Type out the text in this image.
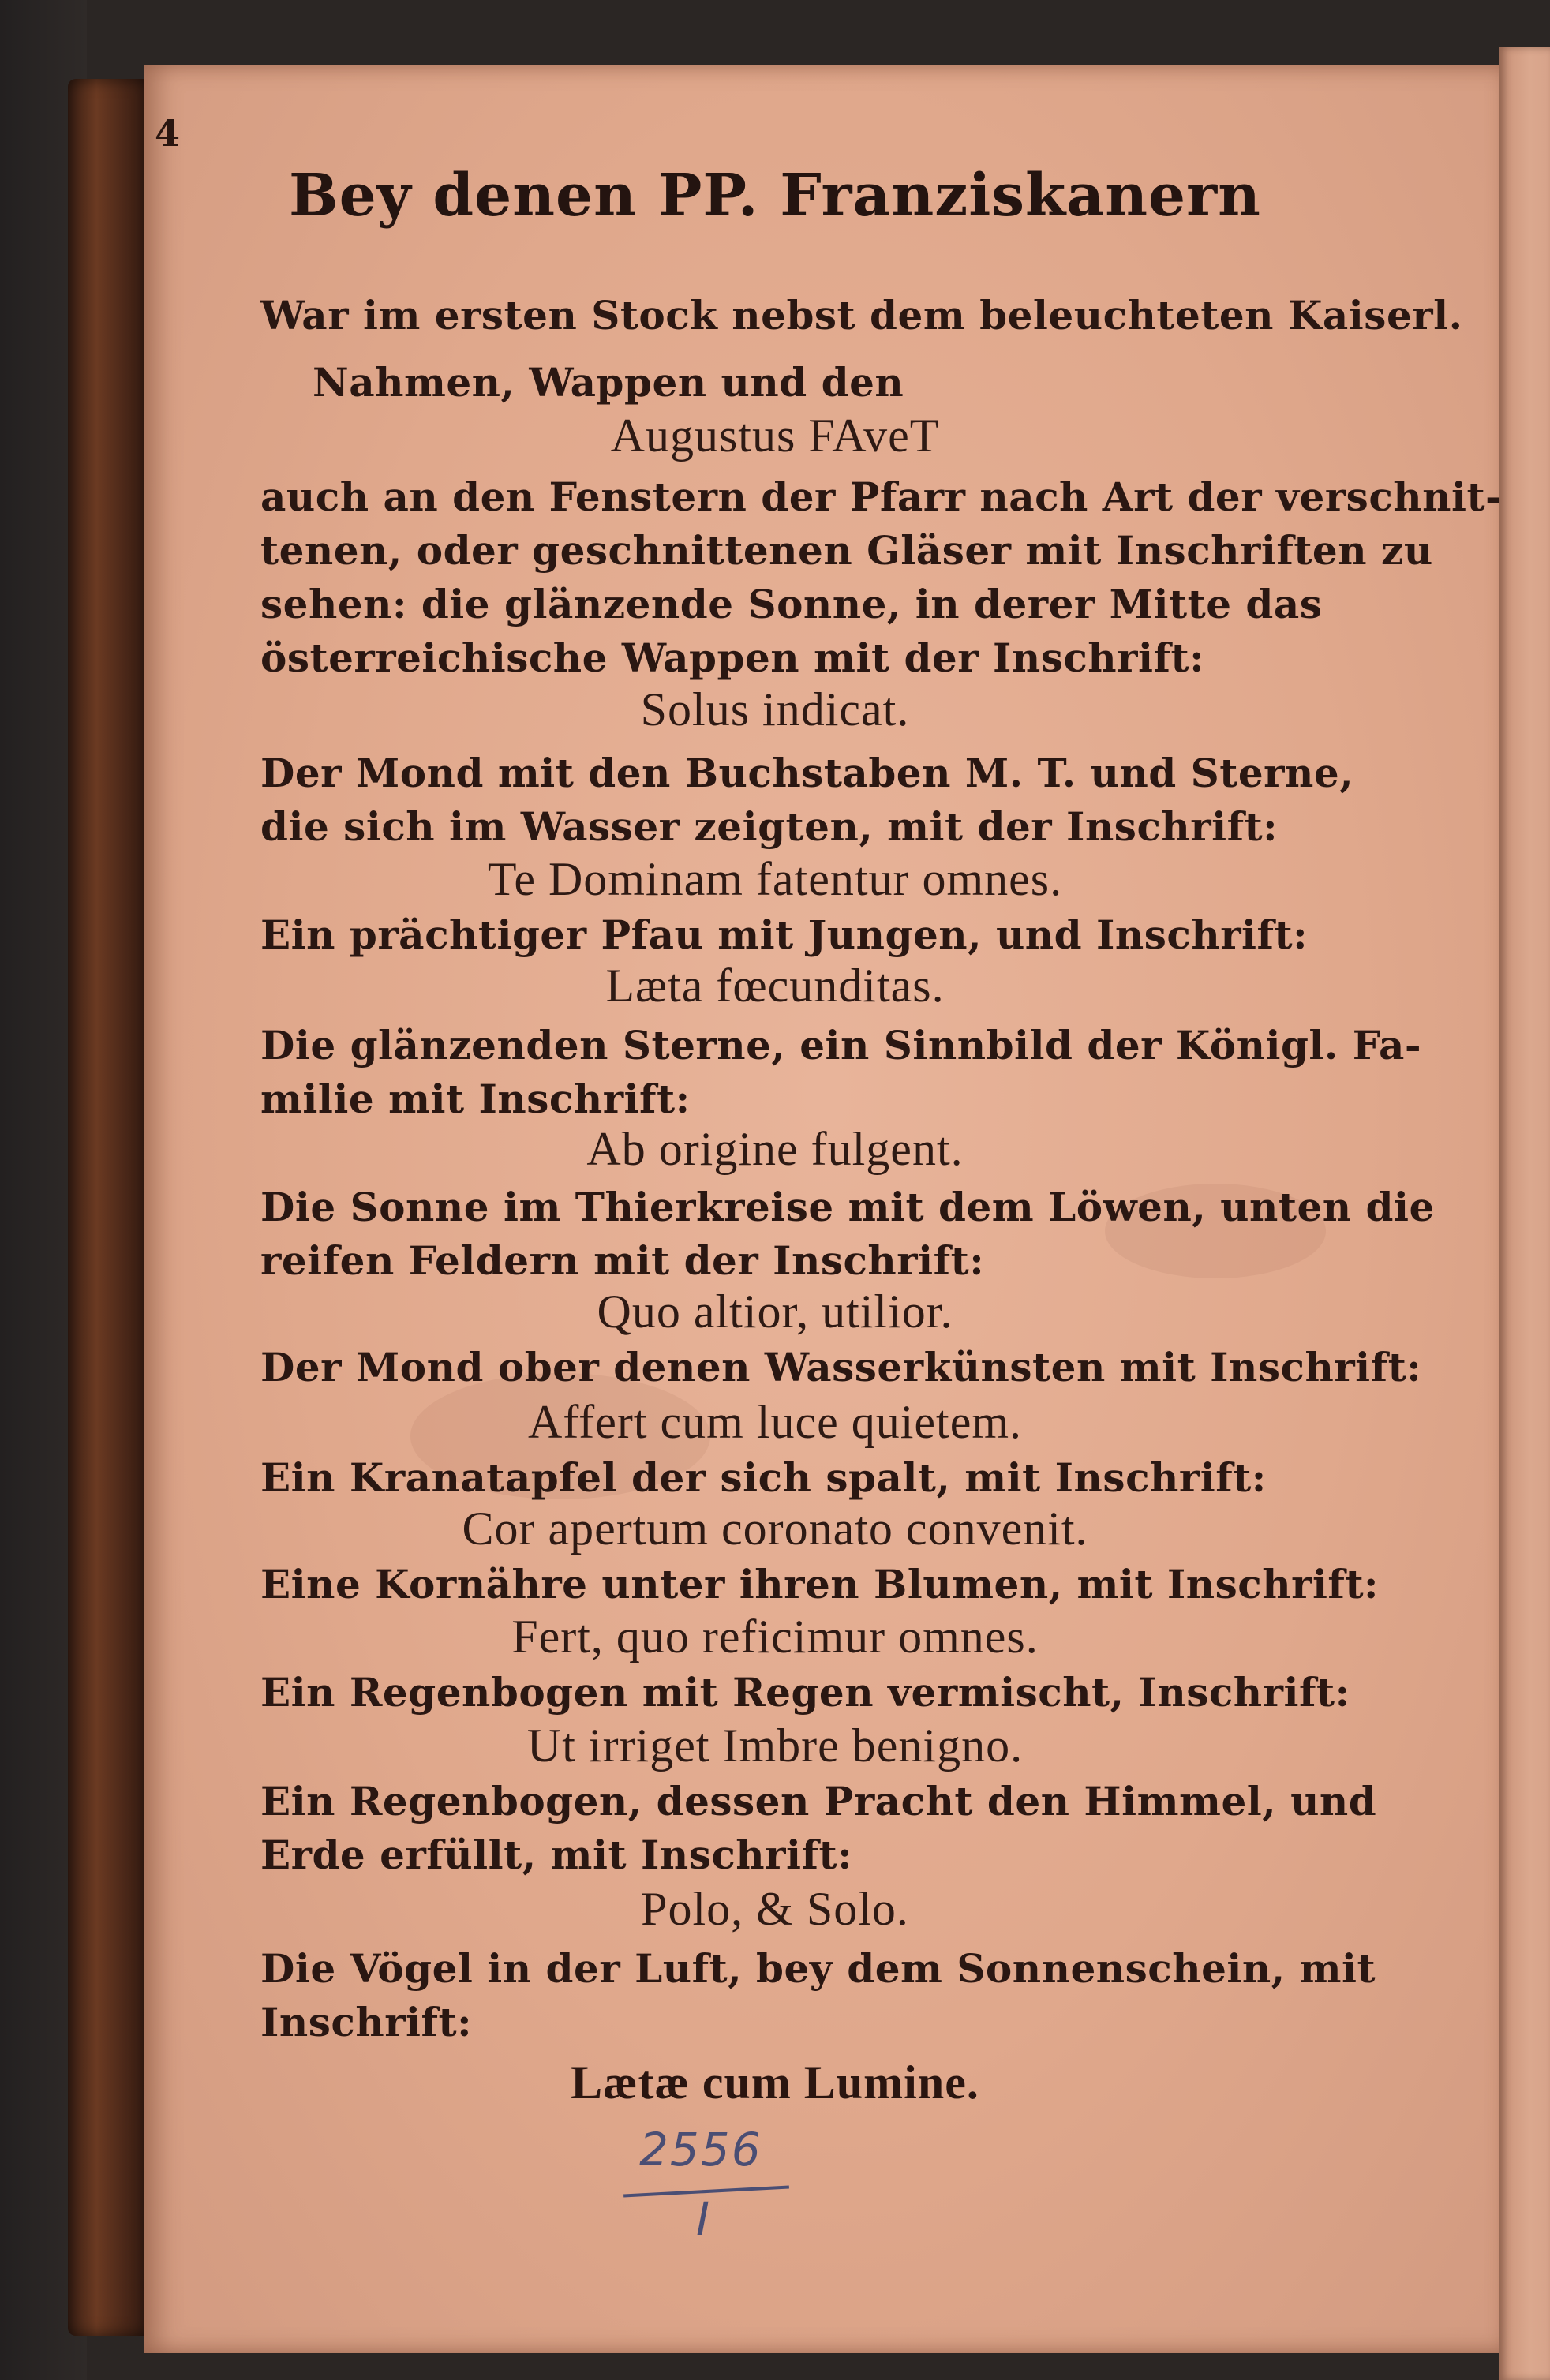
4
Bey denen PP. Franziskanern
War im ersten Stock nebst dem beleuchteten Kaiserl.
Nahmen, Wappen und den
Augustus FAveT
auch an den Fenstern der Pfarr nach Art der verschnit-
tenen, oder geschnittenen Gläser mit Inschriften zu
sehen: die glänzende Sonne, in derer Mitte das
österreichische Wappen mit der Inschrift:
Solus indicat.
Der Mond mit den Buchstaben M. T. und Sterne,
die sich im Wasser zeigten, mit der Inschrift:
Te Dominam fatentur omnes.
Ein prächtiger Pfau mit Jungen, und Inschrift:
Læta fœcunditas.
Die glänzenden Sterne, ein Sinnbild der Königl. Fa-
milie mit Inschrift:
Ab origine fulgent.
Die Sonne im Thierkreise mit dem Löwen, unten die
reifen Feldern mit der Inschrift:
Quo altior, utilior.
Der Mond ober denen Wasserkünsten mit Inschrift:
Affert cum luce quietem.
Ein Kranatapfel der sich spalt, mit Inschrift:
Cor apertum coronato convenit.
Eine Kornähre unter ihren Blumen, mit Inschrift:
Fert, quo reficimur omnes.
Ein Regenbogen mit Regen vermischt, Inschrift:
Ut irriget Imbre benigno.
Ein Regenbogen, dessen Pracht den Himmel, und
Erde erfüllt, mit Inschrift:
Polo, & Solo.
Die Vögel in der Luft, bey dem Sonnenschein, mit
Inschrift:
Lætæ cum Lumine.
2556
I
